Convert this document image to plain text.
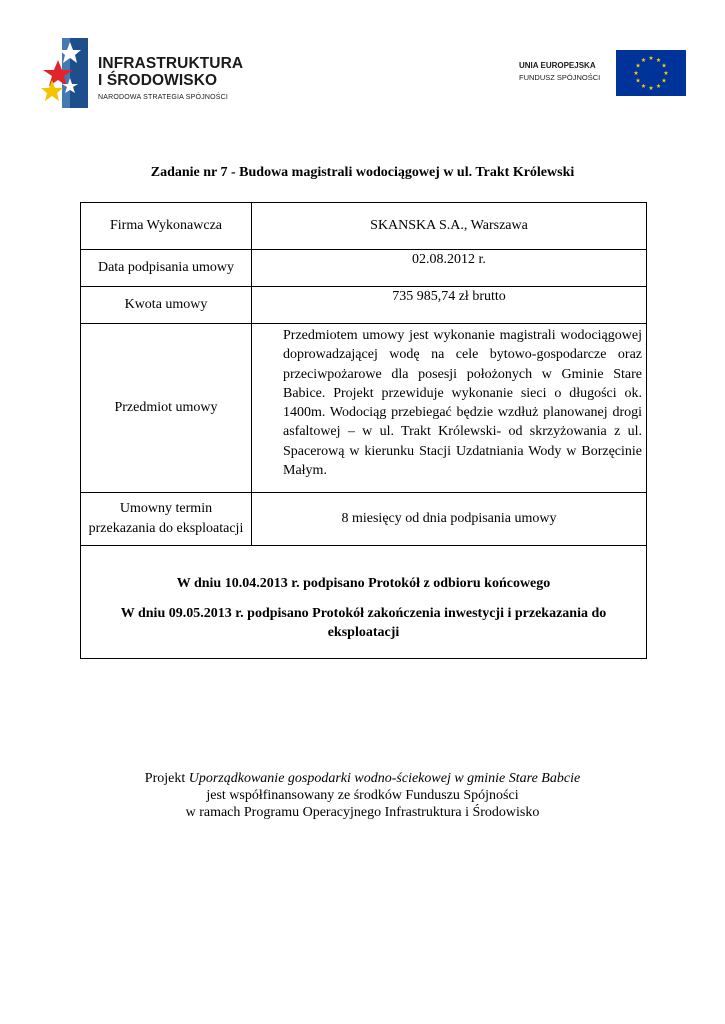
INFRASTRUKTURA
I ŚRODOWISKO
NARODOWA STRATEGIA SPÓJNOŚCI
UNIA EUROPEJSKA
FUNDUSZ SPÓJNOŚCI
Zadanie nr 7 - Budowa magistrali wodociągowej w ul. Trakt Królewski
Firma Wykonawcza	SKANSKA S.A., Warszawa
Data podpisania umowy	02.08.2012 r.
Kwota umowy	735 985,74 zł brutto
Przedmiot umowy	Przedmiotem umowy jest wykonanie magistrali wodociągowej doprowadzającej wodę na cele bytowo-gospodarcze oraz przeciwpożarowe dla posesji położonych w Gminie Stare Babice. Projekt przewiduje wykonanie sieci o długości ok. 1400m. Wodociąg przebiegać będzie wzdłuż planowanej drogi asfaltowej – w ul. Trakt Królewski- od skrzyżowania z ul. Spacerową w kierunku Stacji Uzdatniania Wody w Borzęcinie Małym.
Umowny termin
przekazania do eksploatacji	8 miesięcy od dnia podpisania umowy

W dniu 10.04.2013 r. podpisano Protokół z odbioru końcowego
W dniu 09.05.2013 r. podpisano Protokół zakończenia inwestycji i przekazania do eksploatacji	
Projekt Uporządkowanie gospodarki wodno-ściekowej w gminie Stare Babcie
jest współfinansowany ze środków Funduszu Spójności
w ramach Programu Operacyjnego Infrastruktura i Środowisko
